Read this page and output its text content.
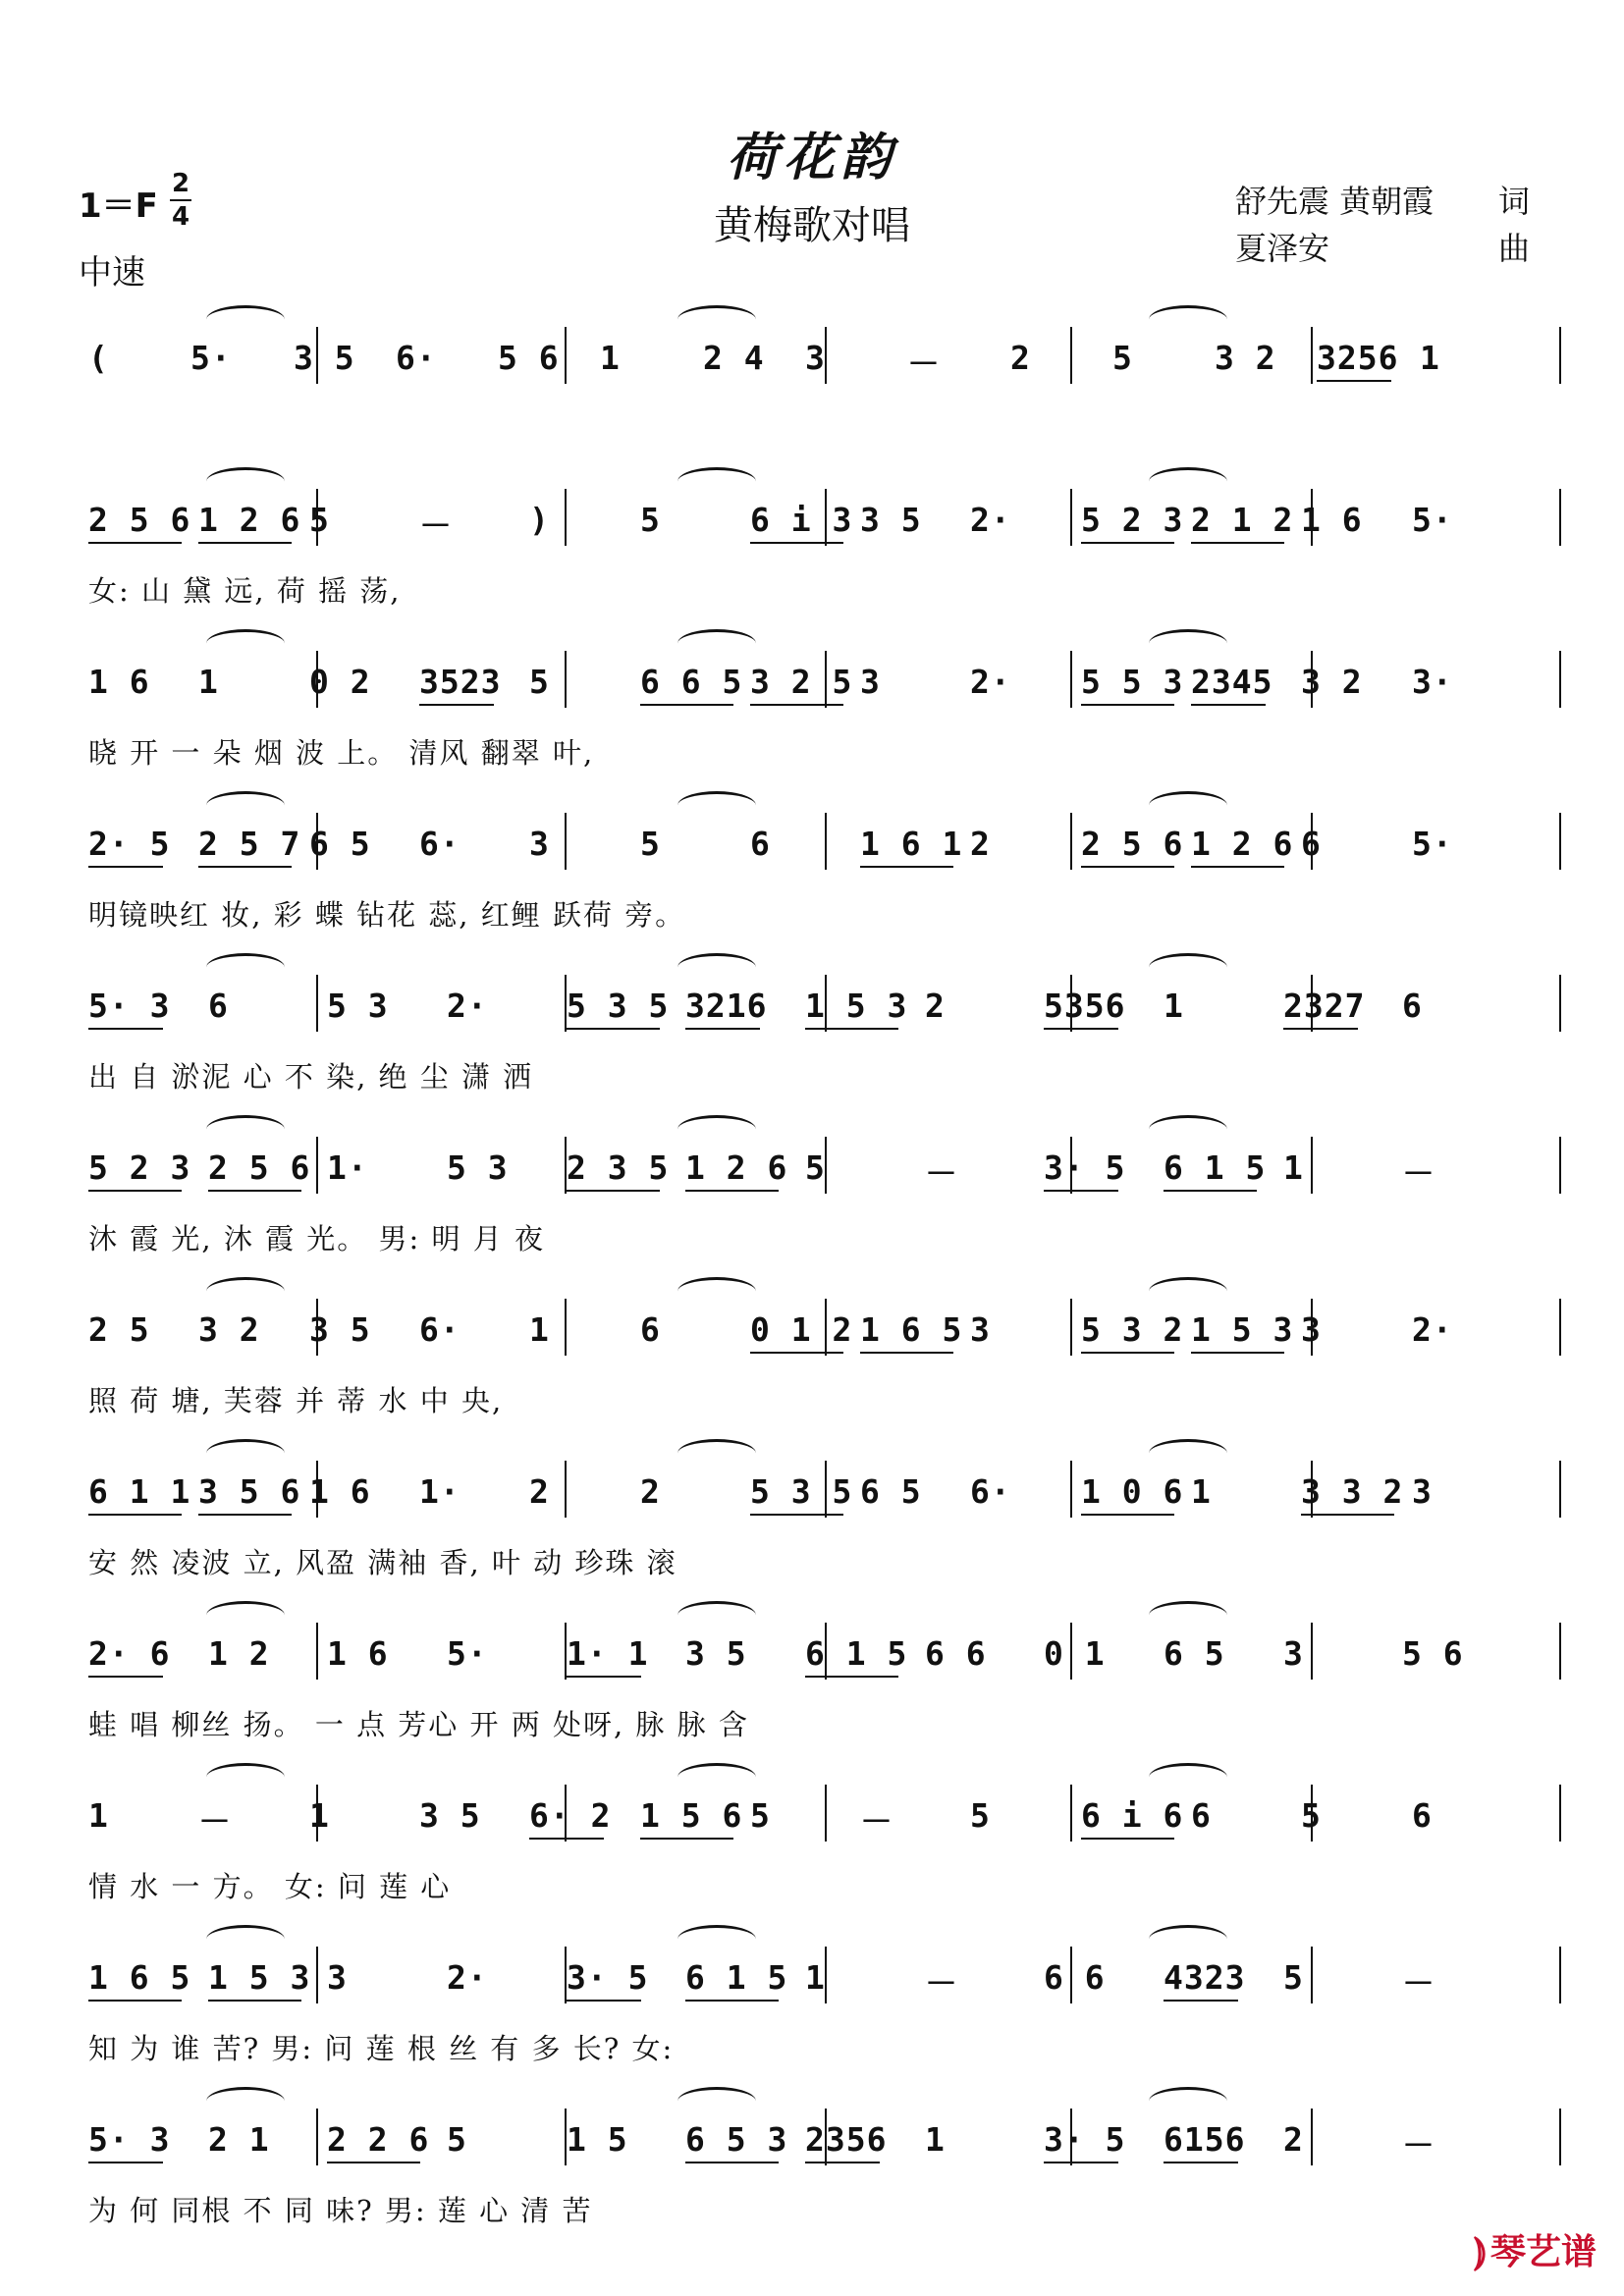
荷花韵
黄梅歌对唱
1＝F
2
4
中速
舒先震 黄朝霞 词
夏泽安	曲
(	5· 3 5 6· 5 6 1	2 4 3	－ 2	5	3 2 3256 1
2 5 6 1 2 6 5	－ )	5	6 i 3 3 5 2· 5 2 3 2 1 2 1 6 5·
女: 山 黛 远, 荷 摇 荡,
1 6 1	0 2 3523 5	6 6 5 3 2 5 3	2· 5 5 3 2345 3 2 3·
晓 开 一 朵 烟 波 上。 清风 翻翠 叶,
2· 5 2 5 7 6 5 6· 3	5	6	1 6 1 2	2 5 6 1 2 6 6	5·
明镜映红 妆, 彩 蝶 钻花 蕊, 红鲤 跃荷 旁。
5· 3 6	5 3 2· 5 3 5 3216 1 5 3 2	5356 1	2327 6
出 自 淤泥 心 不 染, 绝 尘 潇 洒
5 2 3 2 5 6 1· 5 3 2 3 5 1 2 6 5	－	3· 5 6 1 5 1	－
沐 霞 光, 沐 霞 光。 男: 明 月 夜
2 5 3 2 3 5 6· 1	6	0 1 2 1 6 5 3	5 3 2 1 5 3 3	2·
照 荷 塘, 芙蓉 并 蒂 水 中 央,
6 1 1 3 5 6 1 6 1· 2	2	5 3 5 6 5 6· 1 0 6 1	3 3 2 3
安 然 凌波 立, 风盈 满袖 香, 叶 动 珍珠 滚
2· 6 1 2 1 6 5· 1· 1 3 5 6 1 5 6 6 0 1 6 5 3	5 6
蛙 唱 柳丝 扬。 一 点 芳心 开 两 处呀, 脉 脉 含
1	－ 1	3 5 6· 2 1 5 6 5	－ 5	6 i 6 6	5	6
情 水 一 方。 女: 问 莲 心
1 6 5 1 5 3 3	2· 3· 5 6 1 5 1	－	6 6 4323 5	－
知 为 谁 苦? 男: 问 莲 根 丝 有 多 长? 女:
5· 3 2 1 2 2 6 5	1 5 6 5 3 2356 1	3· 5 6156 2	－
为 何 同根 不 同 味? 男: 莲 心 清 苦
⦆ 琴艺谱
